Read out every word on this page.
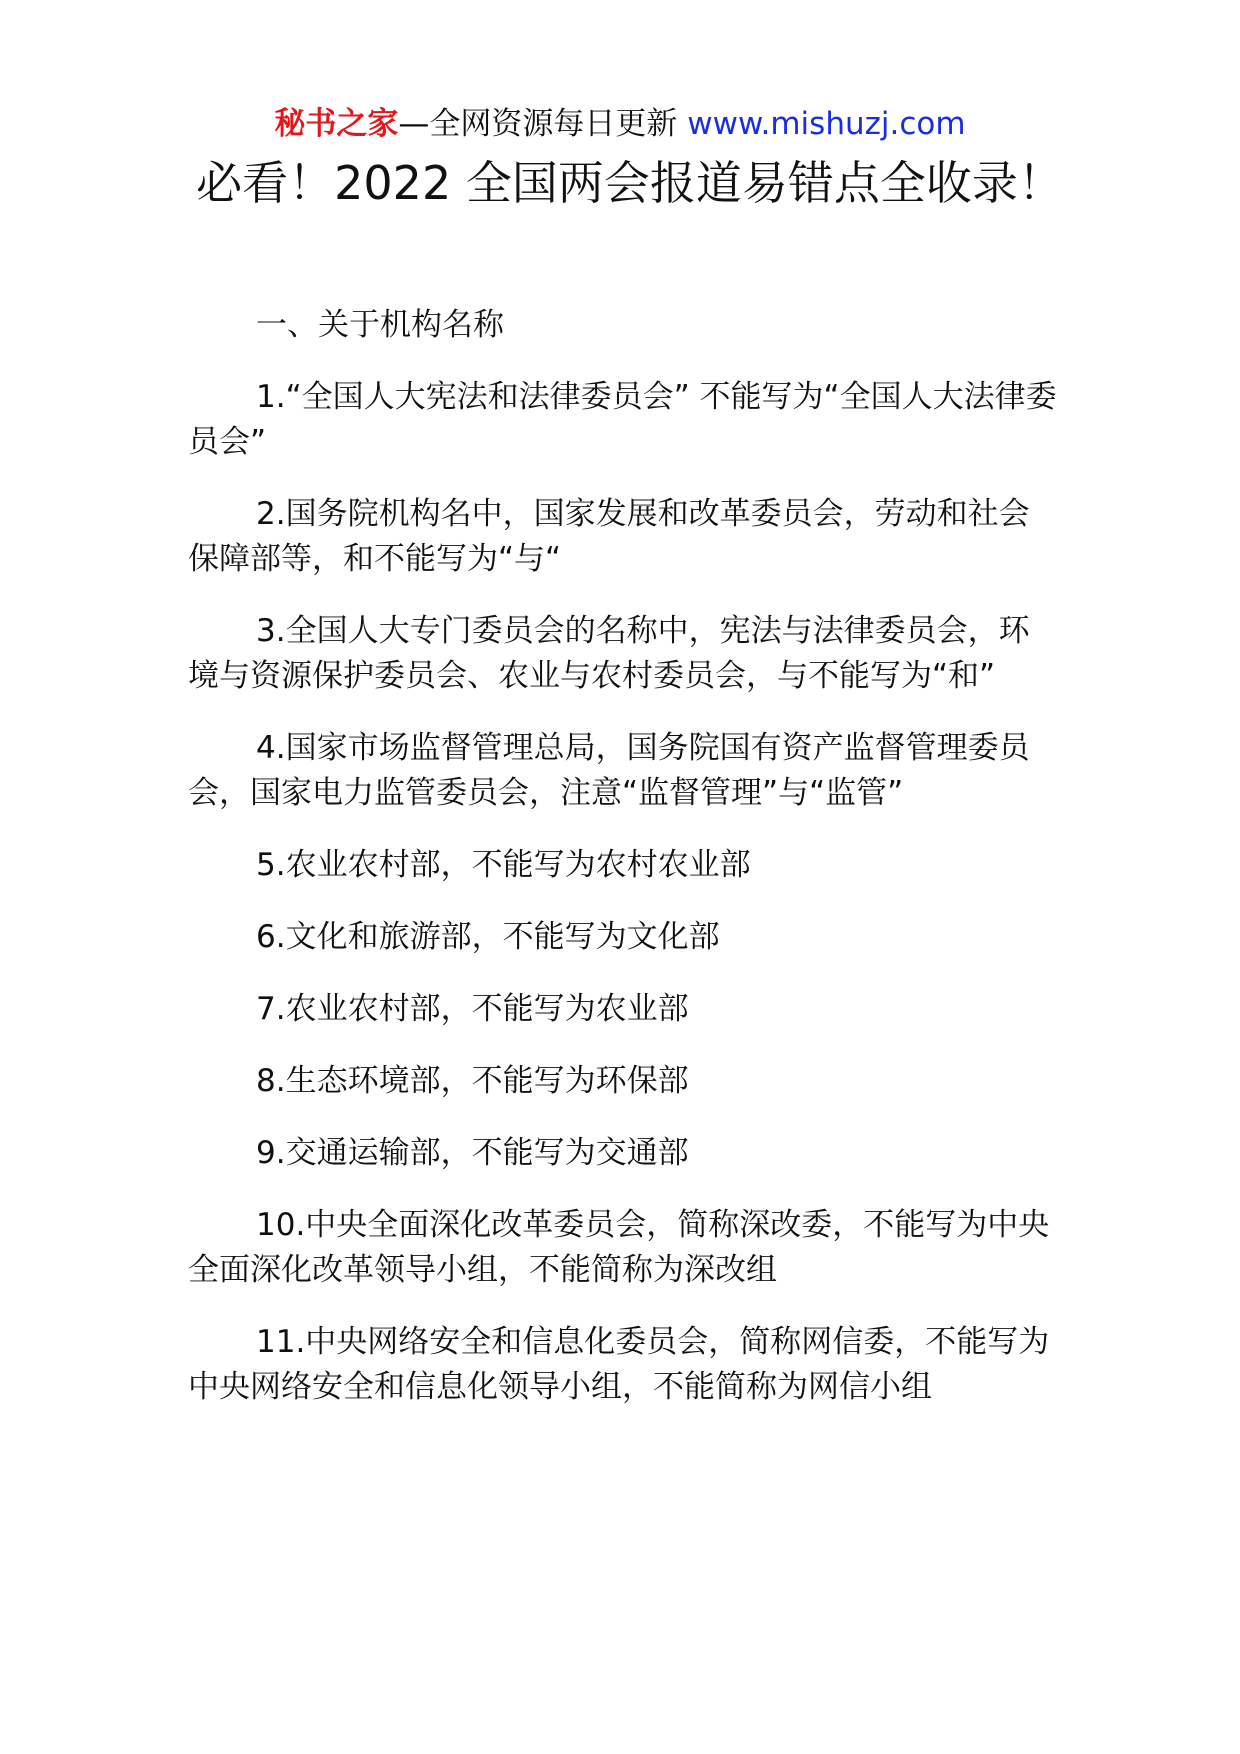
秘书之家—全网资源每日更新 www.mishuzj.com
必看！2022 全国两会报道易错点全收录！

一、关于机构名称

1.“全国人大宪法和法律委员会” 不能写为“全国人大法律委员会”

2.国务院机构名中，国家发展和改革委员会，劳动和社会保障部等，和不能写为“与“

3.全国人大专门委员会的名称中，宪法与法律委员会，环境与资源保护委员会、农业与农村委员会，与不能写为“和”

4.国家市场监督管理总局，国务院国有资产监督管理委员会，国家电力监管委员会，注意“监督管理”与“监管”

5.农业农村部，不能写为农村农业部

6.文化和旅游部，不能写为文化部

7.农业农村部，不能写为农业部

8.生态环境部，不能写为环保部

9.交通运输部，不能写为交通部

10.中央全面深化改革委员会，简称深改委，不能写为中央全面深化改革领导小组，不能简称为深改组

11.中央网络安全和信息化委员会，简称网信委，不能写为中央网络安全和信息化领导小组，不能简称为网信小组
